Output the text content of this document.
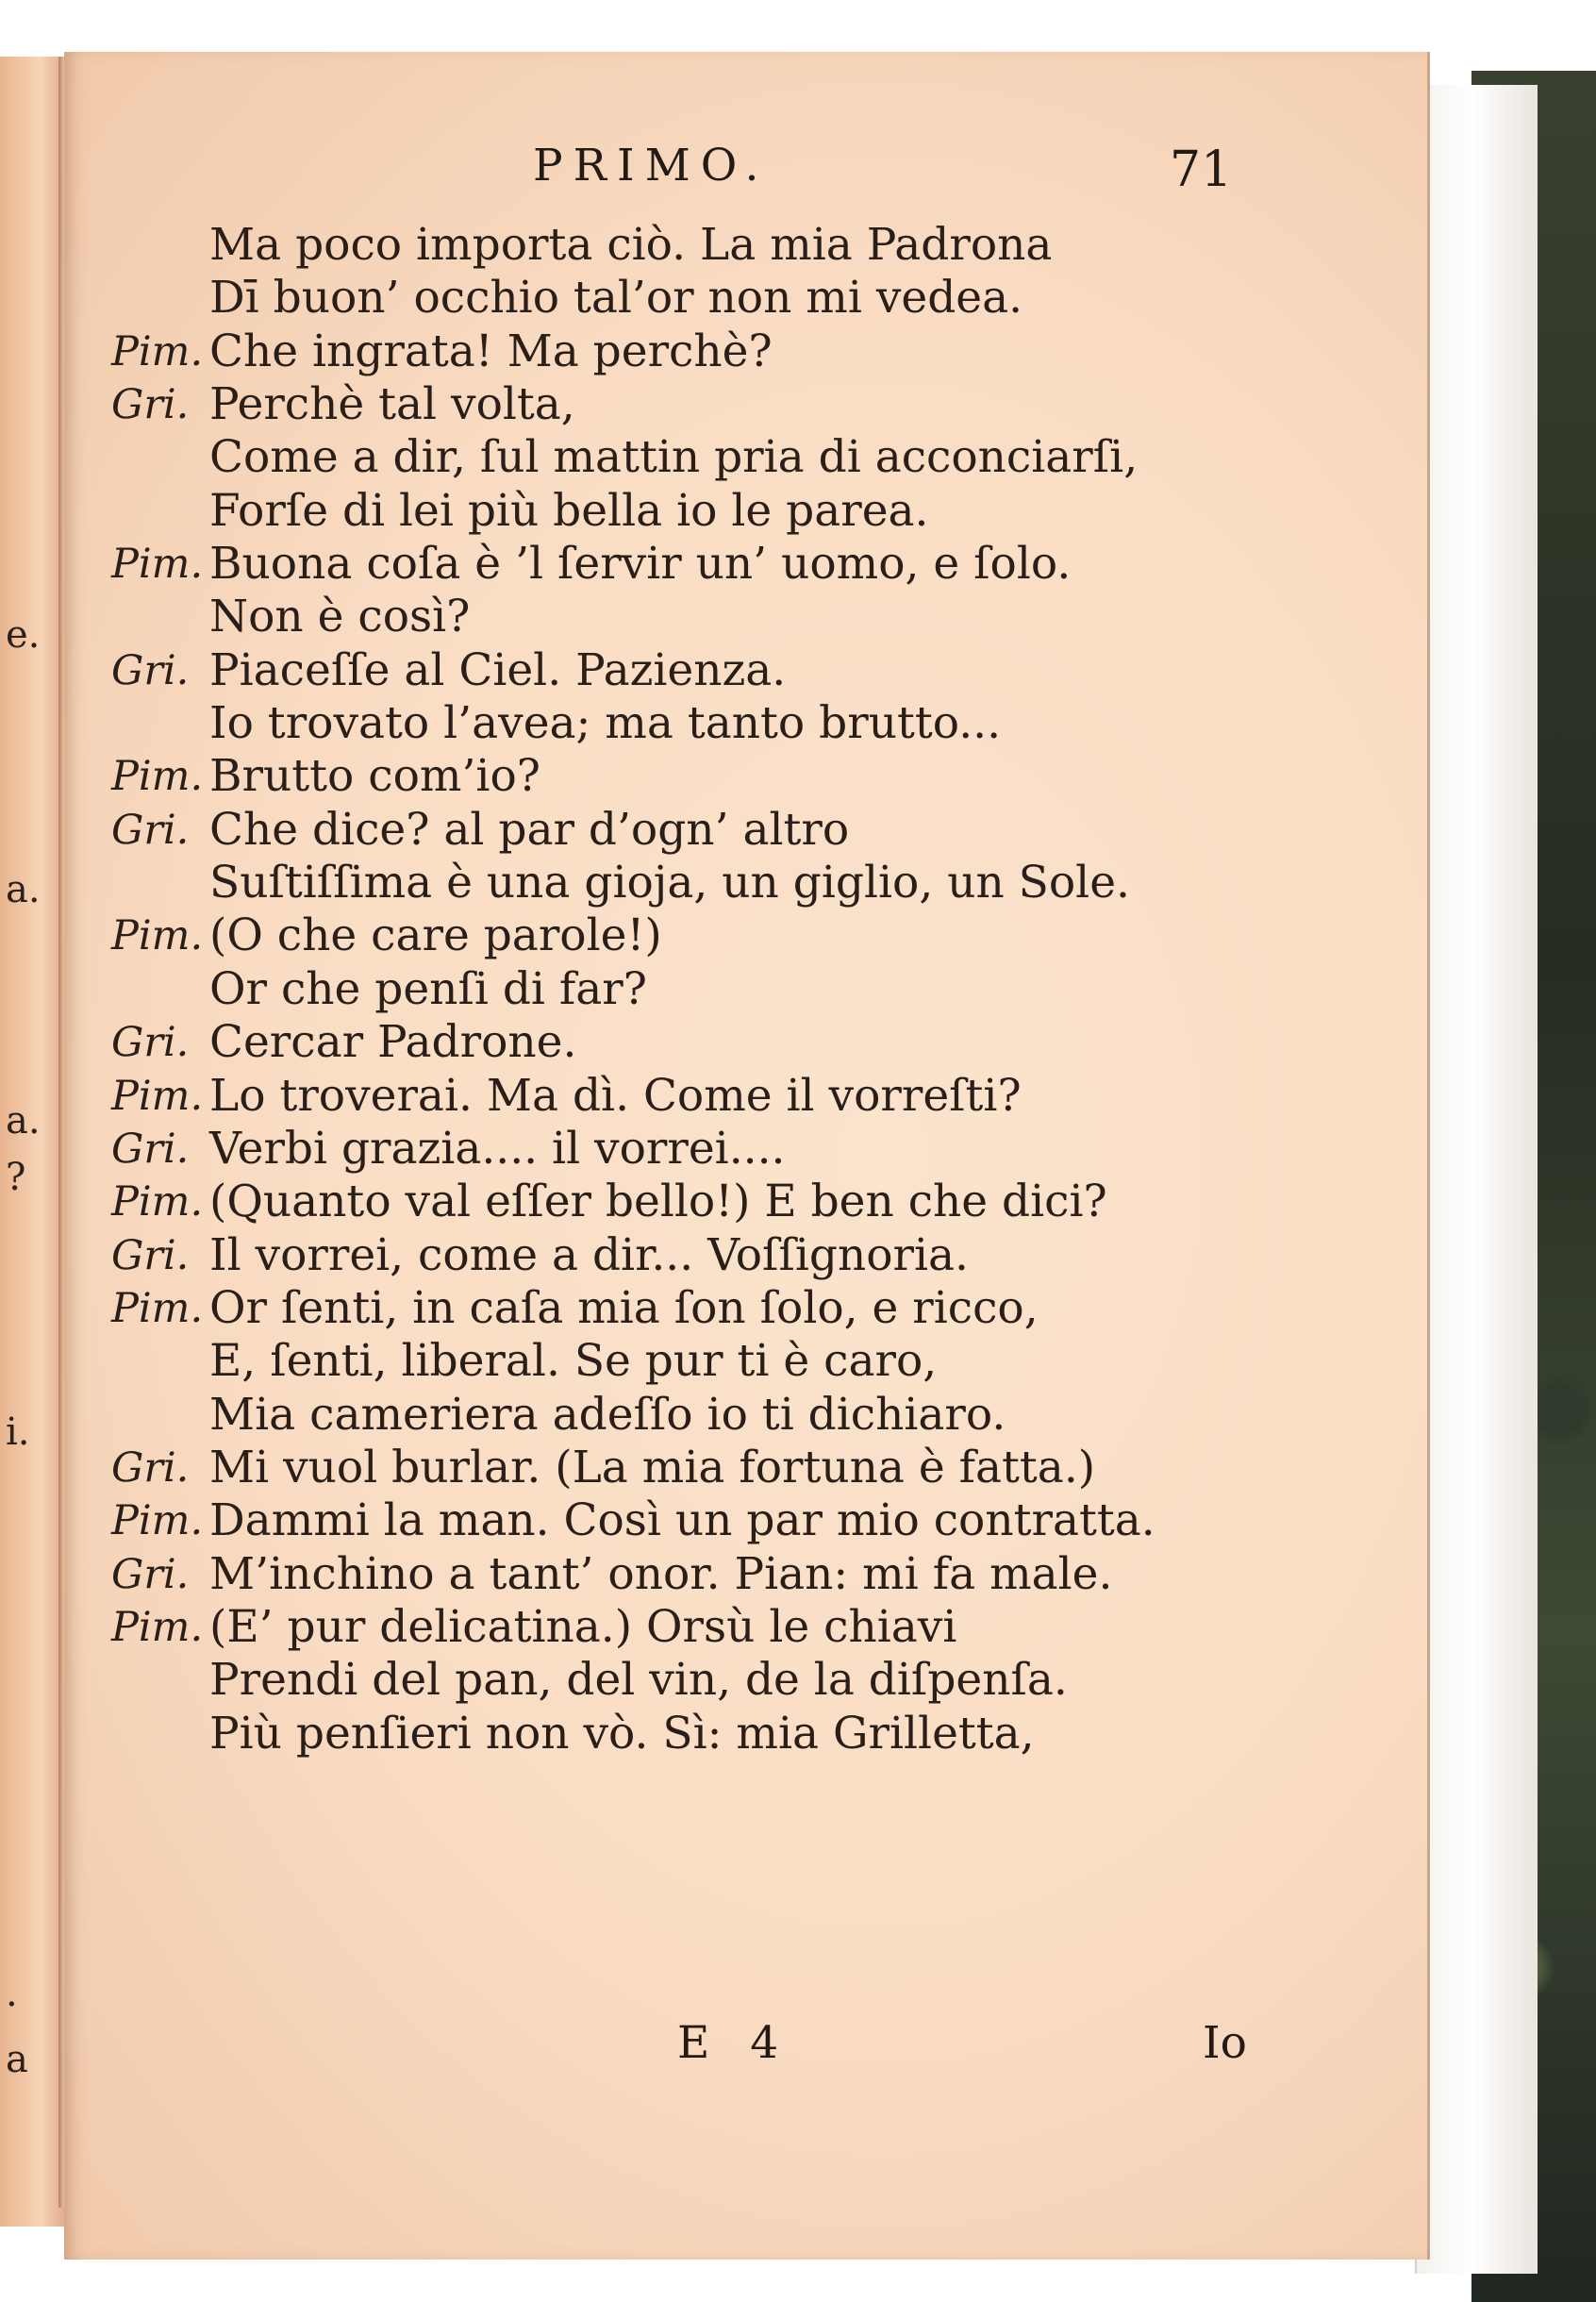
e.
a.
a.
?
i.
.
a
PRIMO.	71
Ma poco importa ciò. La mia Padrona
Dī buon’ occhio tal’or non mi vedea.
Pim. Che ingrata! Ma perchè?
Gri. Perchè tal volta,
Come a dir, ſul mattin pria di acconciarſi,
Forſe di lei più bella io le parea.
Pim. Buona coſa è ’l ſervir un’ uomo, e ſolo.
Non è così?
Gri. Piaceſſe al Ciel. Pazienza.
Io trovato l’avea; ma tanto brutto...
Pim. Brutto com’io?
Gri. Che dice? al par d’ogn’ altro
Suſtiſſima è una gioja, un giglio, un Sole.
Pim. (O che care parole!)
Or che penſi di far?
Gri. Cercar Padrone.
Pim. Lo troverai. Ma dì. Come il vorreſti?
Gri. Verbi grazia.... il vorrei....
Pim. (Quanto val eſſer bello!) E ben che dici?
Gri. Il vorrei, come a dir... Voſſignoria.
Pim. Or ſenti, in caſa mia ſon ſolo, e ricco,
E, ſenti, liberal. Se pur ti è caro,
Mia cameriera adeſſo io ti dichiaro.
Gri. Mi vuol burlar. (La mia fortuna è fatta.)
Pim. Dammi la man. Così un par mio contratta.
Gri. M’inchino a tant’ onor. Pian: mi fa male.
Pim. (E’ pur delicatina.) Orsù le chiavi
Prendi del pan, del vin, de la diſpenſa.
Più penſieri non vò. Sì: mia Grilletta,
E 4	Io
